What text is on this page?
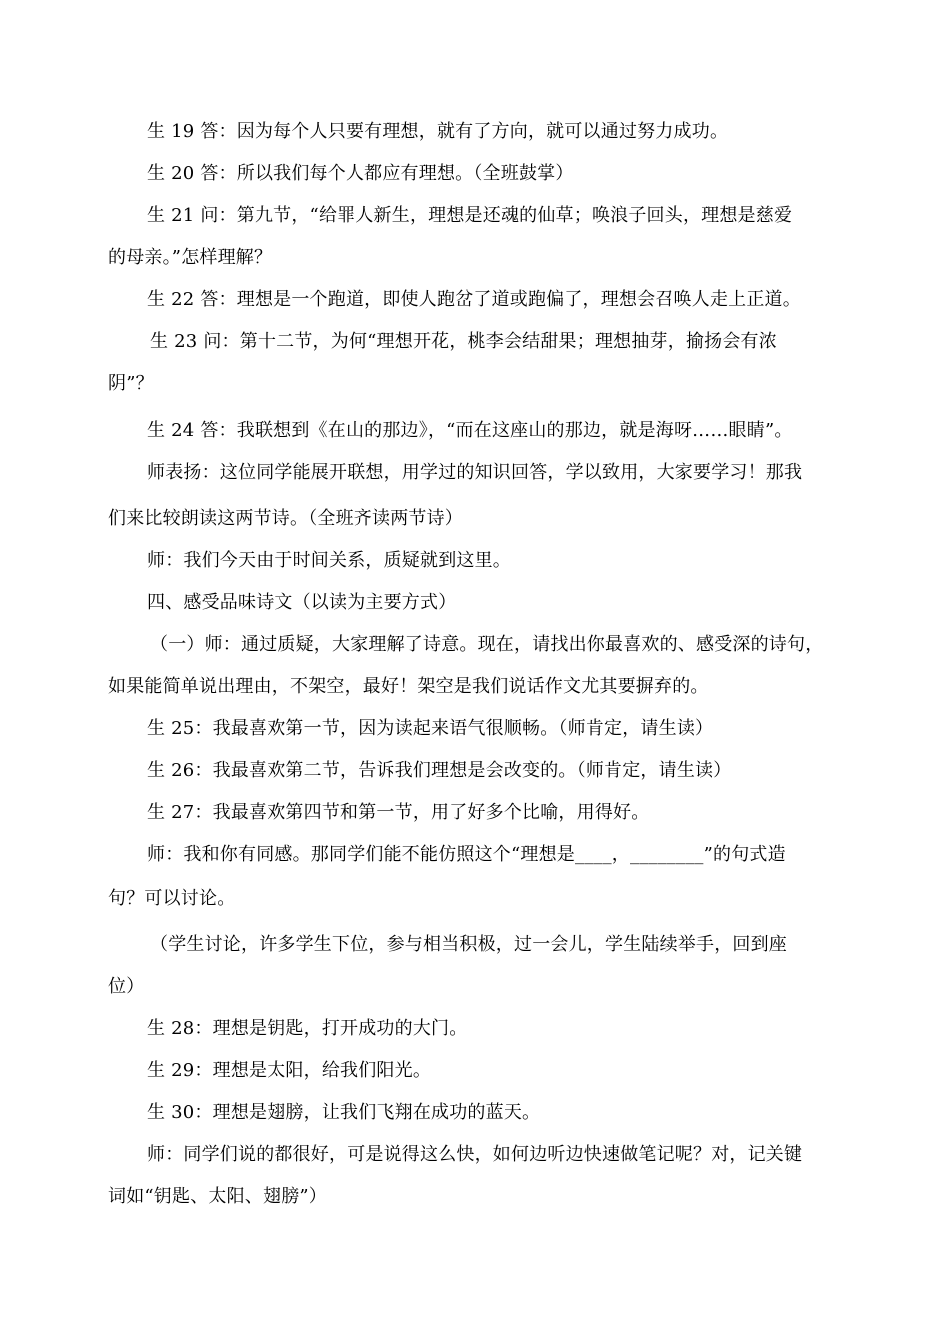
生 19 答：因为每个人只要有理想，就有了方向，就可以通过努力成功。
生 20 答：所以我们每个人都应有理想。（全班鼓掌）
生 21 问：第九节，“给罪人新生，理想是还魂的仙草；唤浪子回头，理想是慈爱
的母亲。”怎样理解？
生 22 答：理想是一个跑道，即使人跑岔了道或跑偏了，理想会召唤人走上正道。
生 23 问：第十二节，为何“理想开花，桃李会结甜果；理想抽芽，揄扬会有浓
阴”？
生 24 答：我联想到《在山的那边》，“而在这座山的那边，就是海呀……眼睛”。
师表扬：这位同学能展开联想，用学过的知识回答，学以致用，大家要学习！那我
们来比较朗读这两节诗。（全班齐读两节诗）
师：我们今天由于时间关系，质疑就到这里。
四、感受品味诗文（以读为主要方式）
（一）师：通过质疑，大家理解了诗意。现在，请找出你最喜欢的、感受深的诗句，
如果能简单说出理由，不架空，最好！架空是我们说话作文尤其要摒弃的。
生 25：我最喜欢第一节，因为读起来语气很顺畅。（师肯定，请生读）
生 26：我最喜欢第二节，告诉我们理想是会改变的。（师肯定，请生读）
生 27：我最喜欢第四节和第一节，用了好多个比喻，用得好。
师：我和你有同感。那同学们能不能仿照这个“理想是____，________”的句式造
句？可以讨论。
（学生讨论，许多学生下位，参与相当积极，过一会儿，学生陆续举手，回到座
位）
生 28：理想是钥匙，打开成功的大门。
生 29：理想是太阳，给我们阳光。
生 30：理想是翅膀，让我们飞翔在成功的蓝天。
师：同学们说的都很好，可是说得这么快，如何边听边快速做笔记呢？对，记关键
词如“钥匙、太阳、翅膀”）
